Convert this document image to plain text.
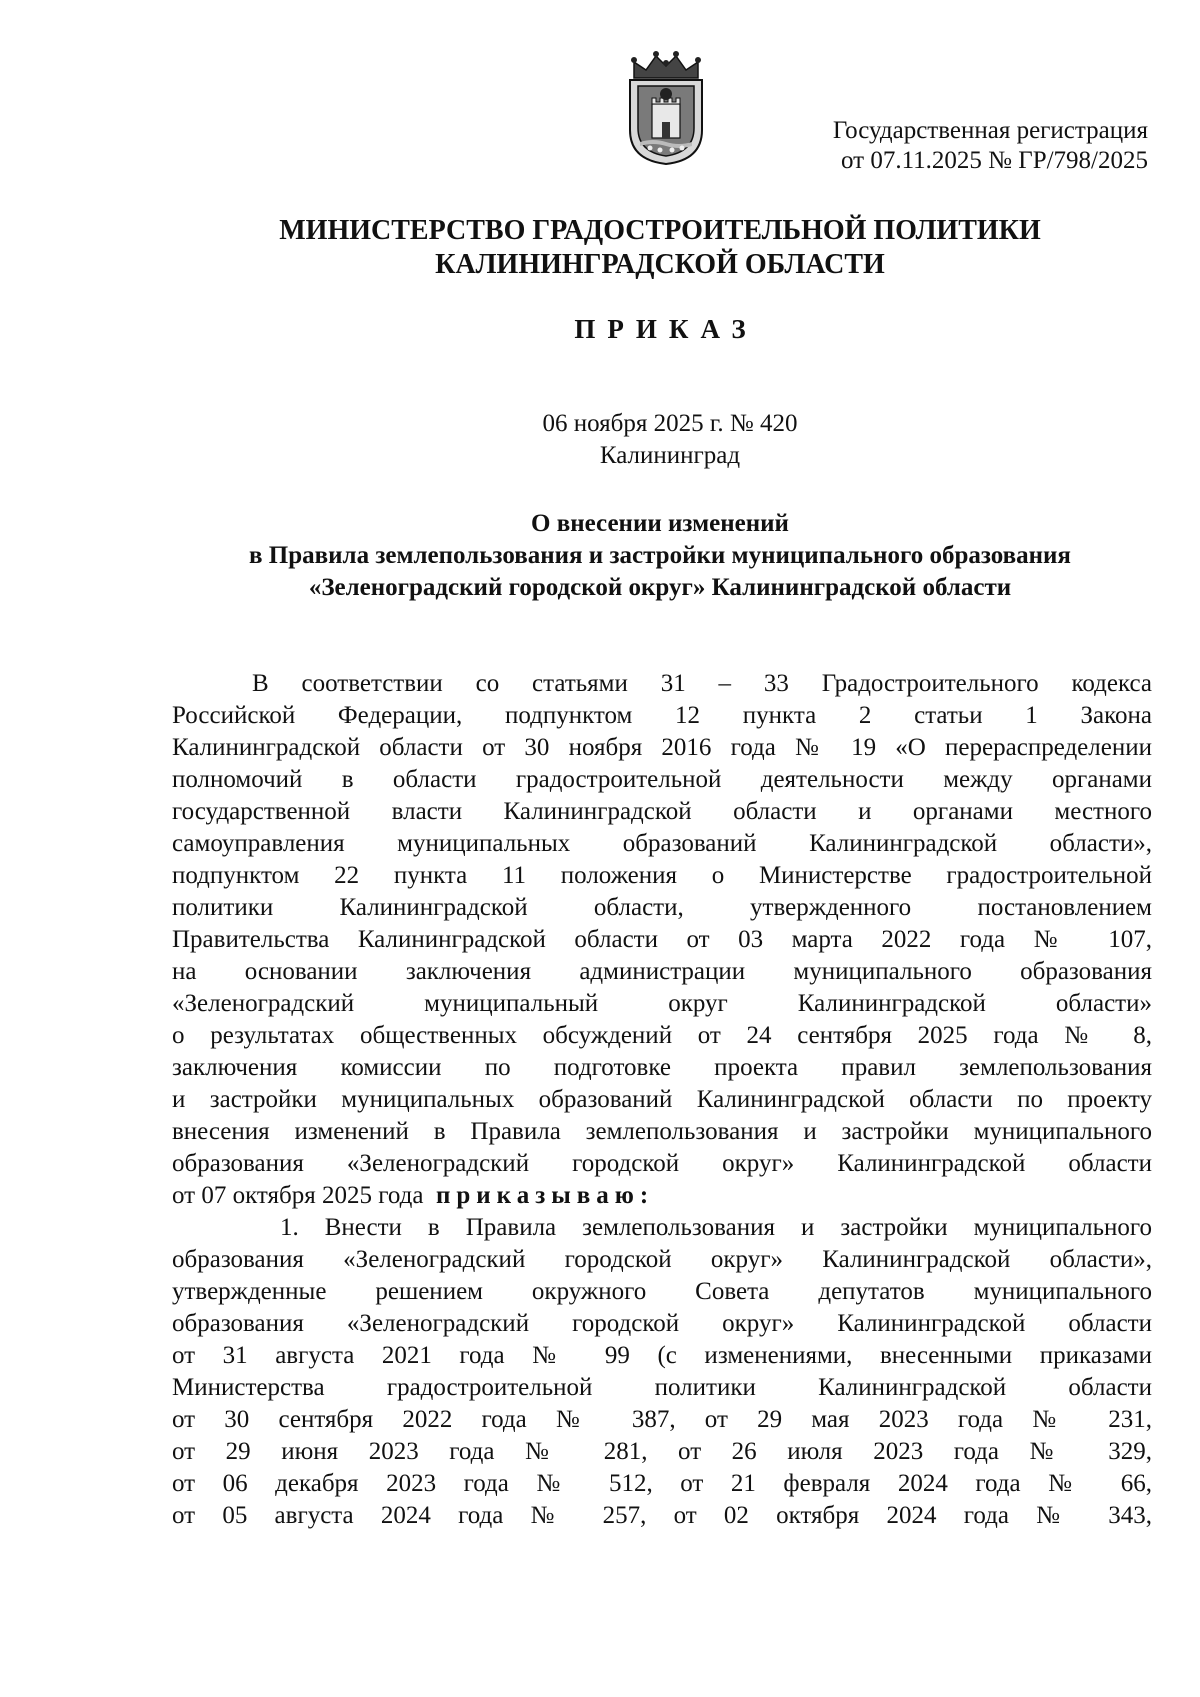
Государственная регистрация
от 07.11.2025 № ГР/798/2025
МИНИСТЕРСТВО ГРАДОСТРОИТЕЛЬНОЙ ПОЛИТИКИ
КАЛИНИНГРАДСКОЙ ОБЛАСТИ
ПРИКАЗ
06 ноября 2025 г. № 420
Калининград
О внесении изменений
в Правила землепользования и застройки муниципального образования
«Зеленоградский городской округ» Калининградской области
В соответствии со статьями 31 – 33 Градостроительного кодекса
Российской Федерации, подпунктом 12 пункта 2 статьи 1 Закона
Калининградской области от 30 ноября 2016 года № 19 «О перераспределении
полномочий в области градостроительной деятельности между органами
государственной власти Калининградской области и органами местного
самоуправления муниципальных образований Калининградской области»,
подпунктом 22 пункта 11 положения о Министерстве градостроительной
политики Калининградской области, утвержденного постановлением
Правительства Калининградской области от 03 марта 2022 года № 107,
на основании заключения администрации муниципального образования
«Зеленоградский муниципальный округ Калининградской области»
о результатах общественных обсуждений от 24 сентября 2025 года № 8,
заключения комиссии по подготовке проекта правил землепользования
и застройки муниципальных образований Калининградской области по проекту
внесения изменений в Правила землепользования и застройки муниципального
образования «Зеленоградский городской округ» Калининградской области
от 07 октября 2025 года приказываю:
1. Внести в Правила землепользования и застройки муниципального
образования «Зеленоградский городской округ» Калининградской области»,
утвержденные решением окружного Совета депутатов муниципального
образования «Зеленоградский городской округ» Калининградской области
от 31 августа 2021 года № 99 (с изменениями, внесенными приказами
Министерства градостроительной политики Калининградской области
от 30 сентября 2022 года № 387, от 29 мая 2023 года № 231,
от 29 июня 2023 года № 281, от 26 июля 2023 года № 329,
от 06 декабря 2023 года № 512, от 21 февраля 2024 года № 66,
от 05 августа 2024 года № 257, от 02 октября 2024 года № 343,
